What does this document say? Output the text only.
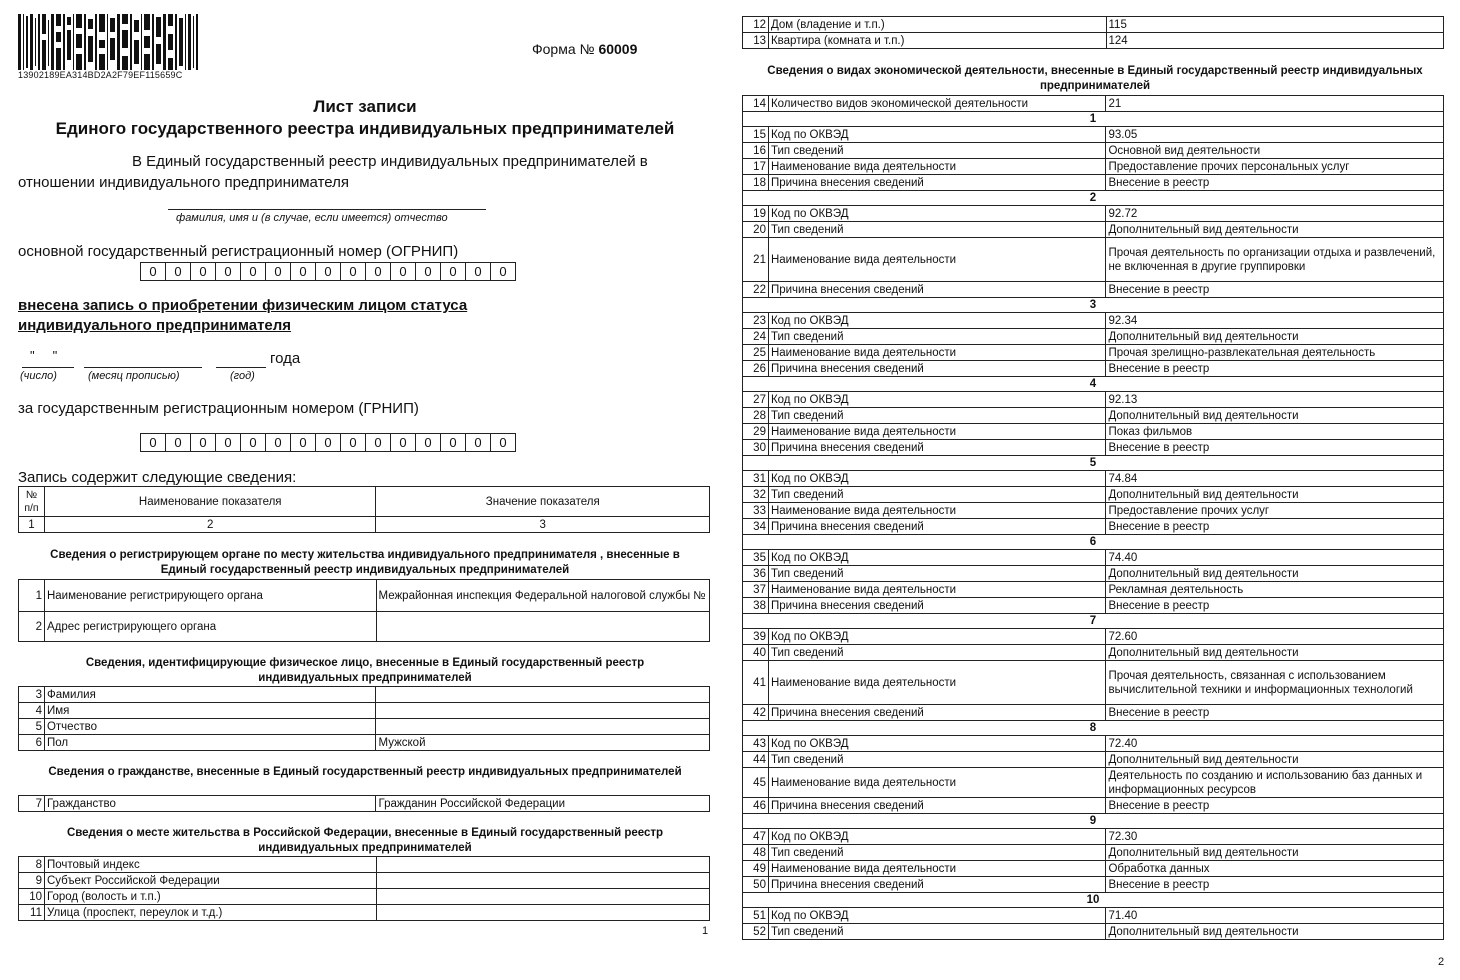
13902189EA314BD2A2F79EF115659C
Форма № 60009
Лист записи
Единого государственного реестра индивидуальных предпринимателей
В Единый государственный реестр индивидуальных предпринимателей в
отношении индивидуального предпринимателя
фамилия, имя и (в случае, если имеется) отчество
основной государственный регистрационный номер (ОГРНИП)
0	0	0	0	0	0	0	0	0	0	0	0	0	0	0
внесена запись о приобретении физическим лицом статуса
индивидуального предпринимателя
"     "	года
(число)	(месяц прописью)	(год)
за государственным регистрационным номером (ГРНИП)
0	0	0	0	0	0	0	0	0	0	0	0	0	0	0
Запись содержит следующие сведения:
№ п/п	Наименование показателя	Значение показателя
1	2	3
Сведения о регистрирующем органе по месту жительства индивидуального предпринимателя , внесенные в Единый государственный реестр индивидуальных предпринимателей
1	Наименование регистрирующего органа	Межрайонная инспекция Федеральной налоговой службы №
2	Адрес регистрирующего органа	
Сведения, идентифицирующие физическое лицо, внесенные в Единый государственный реестр индивидуальных предпринимателей
3	Фамилия	
4	Имя	
5	Отчество	
6	Пол	Мужской
Сведения о гражданстве, внесенные в Единый государственный реестр индивидуальных предпринимателей
7	Гражданство	Гражданин Российской Федерации
Сведения о месте жительства в Российской Федерации, внесенные в Единый государственный реестр индивидуальных предпринимателей
8	Почтовый индекс	
9	Субъект Российской Федерации	
10	Город (волость и т.п.)	
11	Улица (проспект, переулок и т.д.)	
1
12	Дом (владение и т.п.)	115
13	Квартира (комната и т.п.)	124
Сведения о видах экономической деятельности, внесенные в Единый государственный реестр индивидуальных предпринимателей
14	Количество видов экономической деятельности	21
1		
15	Код по ОКВЭД	93.05
16	Тип сведений	Основной вид деятельности
17	Наименование вида деятельности	Предоставление прочих персональных услуг
18	Причина внесения сведений	Внесение в реестр
2		
19	Код по ОКВЭД	92.72
20	Тип сведений	Дополнительный вид деятельности
21	Наименование вида деятельности	Прочая деятельность по организации отдыха и развлечений, не включенная в другие группировки
22	Причина внесения сведений	Внесение в реестр
3		
23	Код по ОКВЭД	92.34
24	Тип сведений	Дополнительный вид деятельности
25	Наименование вида деятельности	Прочая зрелищно-развлекательная деятельность
26	Причина внесения сведений	Внесение в реестр
4		
27	Код по ОКВЭД	92.13
28	Тип сведений	Дополнительный вид деятельности
29	Наименование вида деятельности	Показ фильмов
30	Причина внесения сведений	Внесение в реестр
5		
31	Код по ОКВЭД	74.84
32	Тип сведений	Дополнительный вид деятельности
33	Наименование вида деятельности	Предоставление прочих услуг
34	Причина внесения сведений	Внесение в реестр
6		
35	Код по ОКВЭД	74.40
36	Тип сведений	Дополнительный вид деятельности
37	Наименование вида деятельности	Рекламная деятельность
38	Причина внесения сведений	Внесение в реестр
7		
39	Код по ОКВЭД	72.60
40	Тип сведений	Дополнительный вид деятельности
41	Наименование вида деятельности	Прочая деятельность, связанная с использованием вычислительной техники и информационных технологий
42	Причина внесения сведений	Внесение в реестр
8		
43	Код по ОКВЭД	72.40
44	Тип сведений	Дополнительный вид деятельности
45	Наименование вида деятельности	Деятельность по созданию и использованию баз данных и информационных ресурсов
46	Причина внесения сведений	Внесение в реестр
9		
47	Код по ОКВЭД	72.30
48	Тип сведений	Дополнительный вид деятельности
49	Наименование вида деятельности	Обработка данных
50	Причина внесения сведений	Внесение в реестр
10		
51	Код по ОКВЭД	71.40
52	Тип сведений	Дополнительный вид деятельности
2
